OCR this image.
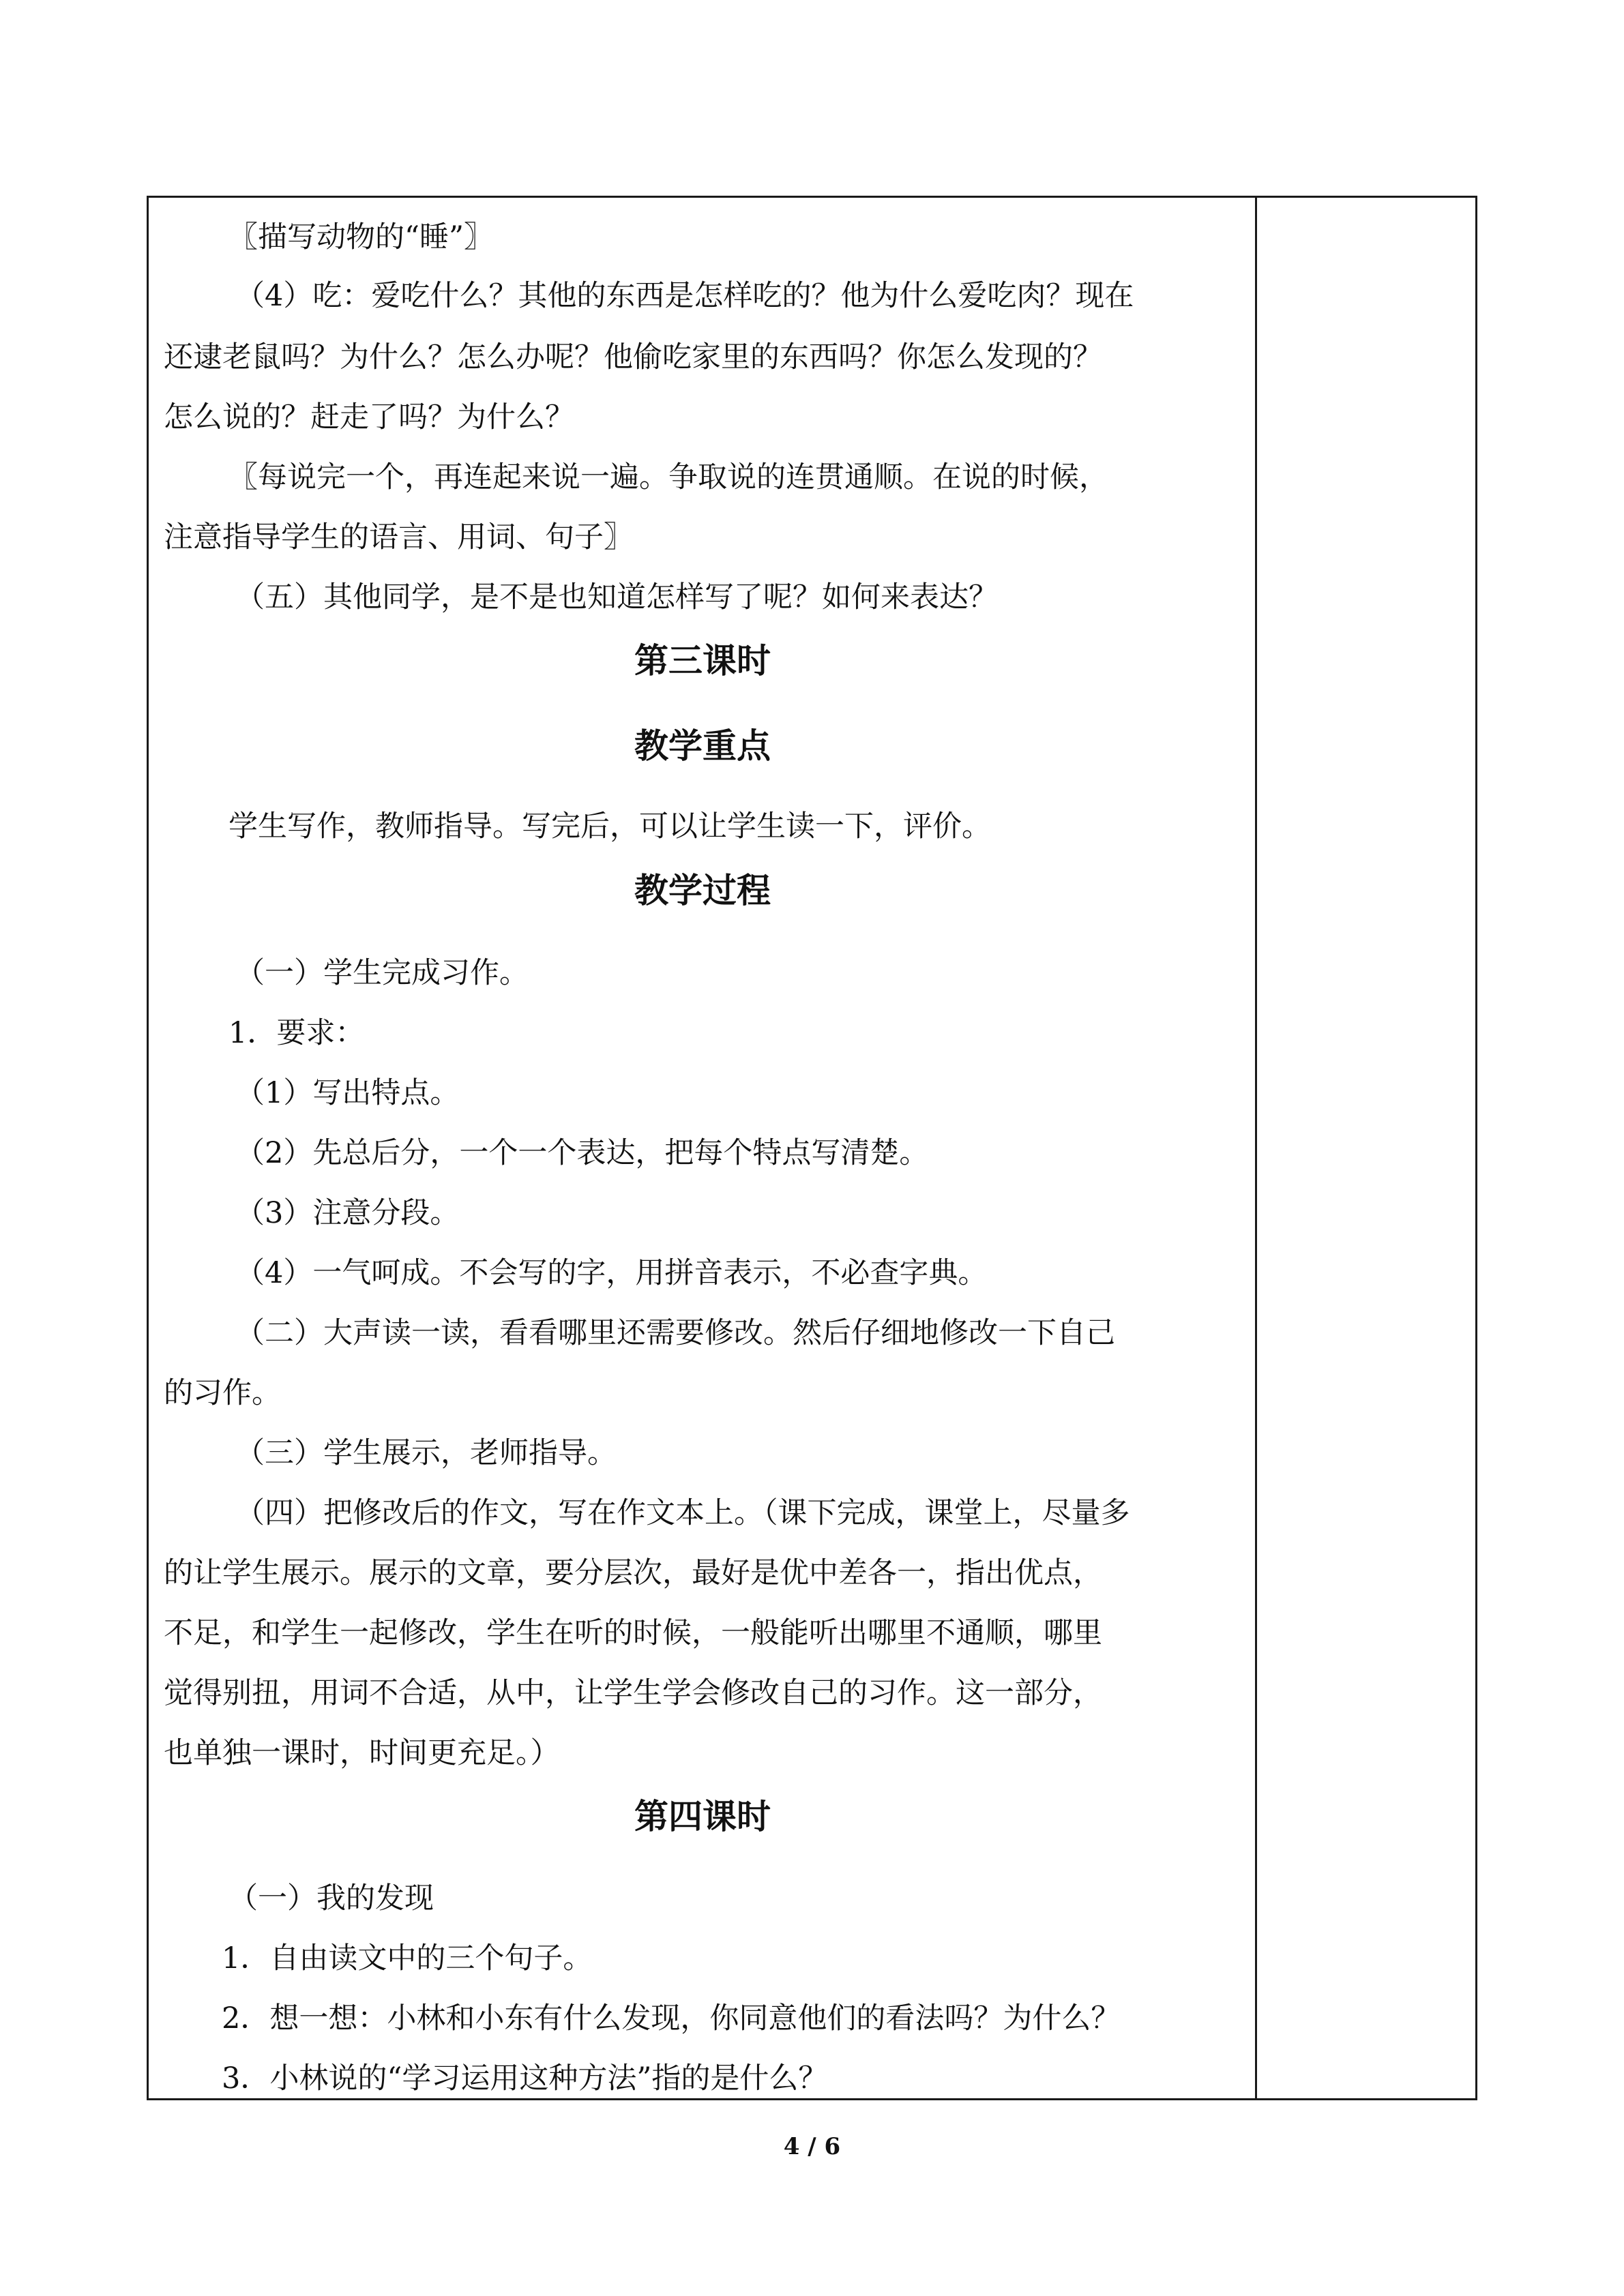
〖描写动物的“睡”〗
（4）吃：爱吃什么？其他的东西是怎样吃的？他为什么爱吃肉？现在
还逮老鼠吗？为什么？怎么办呢？他偷吃家里的东西吗？你怎么发现的？
怎么说的？赶走了吗？为什么？
〖每说完一个，再连起来说一遍。争取说的连贯通顺。在说的时候，
注意指导学生的语言、用词、句子〗
（五）其他同学，是不是也知道怎样写了呢？如何来表达？
第三课时
教学重点
学生写作，教师指导。写完后，可以让学生读一下，评价。
教学过程
（一）学生完成习作。
1．要求：
（1）写出特点。
（2）先总后分，一个一个表达，把每个特点写清楚。
（3）注意分段。
（4）一气呵成。不会写的字，用拼音表示，不必查字典。
（二）大声读一读，看看哪里还需要修改。然后仔细地修改一下自己
的习作。
（三）学生展示，老师指导。
（四）把修改后的作文，写在作文本上。（课下完成，课堂上，尽量多
的让学生展示。展示的文章，要分层次，最好是优中差各一，指出优点，
不足，和学生一起修改，学生在听的时候，一般能听出哪里不通顺，哪里
觉得别扭，用词不合适，从中，让学生学会修改自己的习作。这一部分，
也单独一课时，时间更充足。）
第四课时
（一）我的发现
1．自由读文中的三个句子。
2．想一想：小林和小东有什么发现，你同意他们的看法吗？为什么？
3．小林说的“学习运用这种方法”指的是什么？
4 / 6
